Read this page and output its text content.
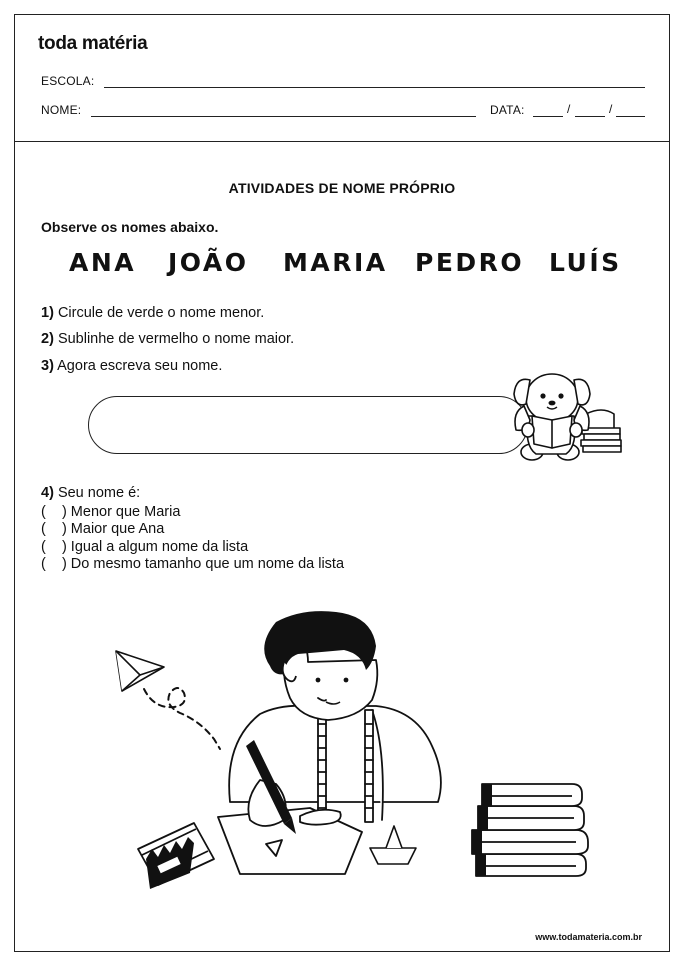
toda matéria
ESCOLA:
NOME:	DATA:	/	/
ATIVIDADES DE NOME PRÓPRIO
Observe os nomes abaixo.
ANA JOÃO MARIA PEDRO LUÍS
1) Circule de verde o nome menor.
2) Sublinhe de vermelho o nome maior.
3) Agora escreva seu nome.
4) Seu nome é:
(    ) Menor que Maria
(    ) Maior que Ana
(    ) Igual a algum nome da lista
(    ) Do mesmo tamanho que um nome da lista
www.todamateria.com.br
